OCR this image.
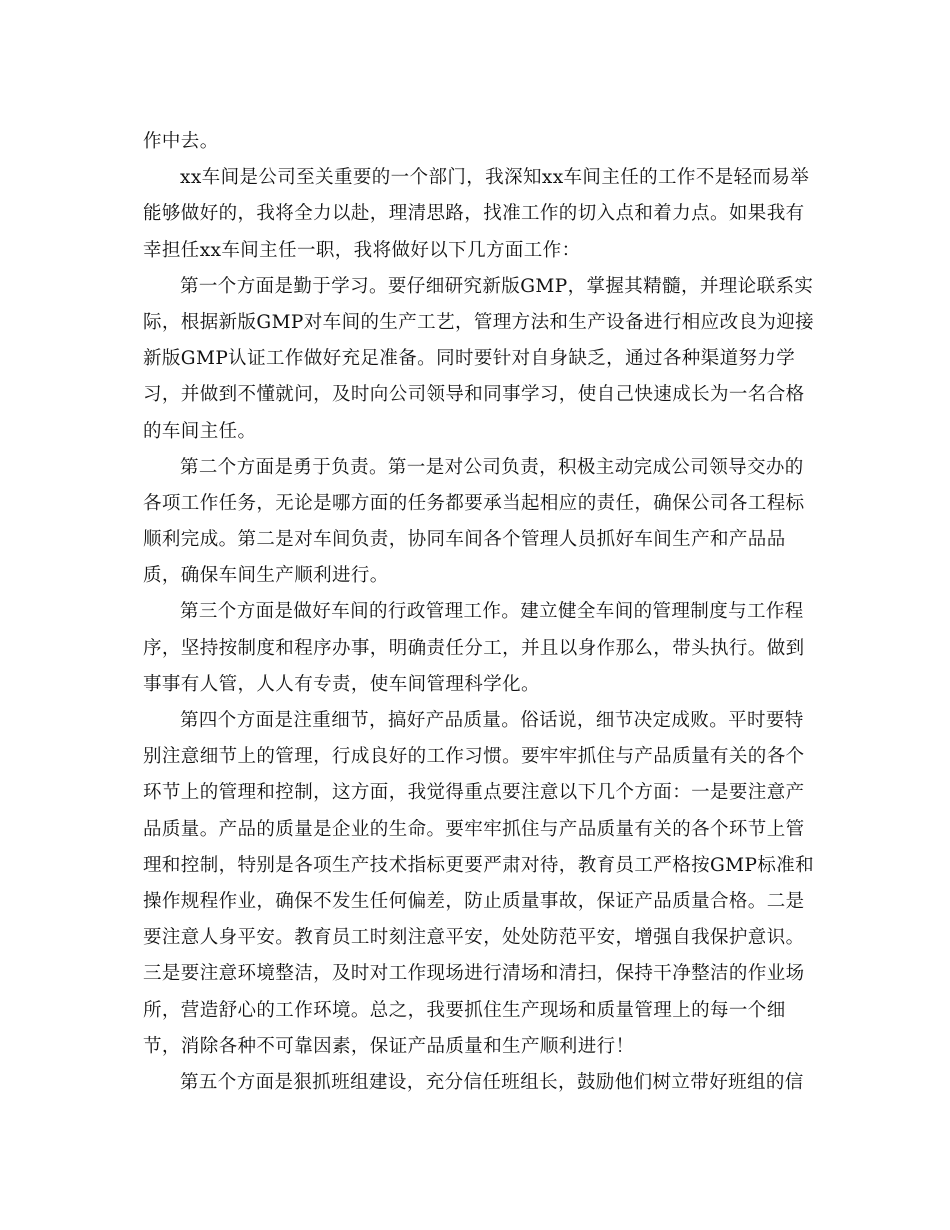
作中去。
xx车间是公司至关重要的一个部门，我深知xx车间主任的工作不是轻而易举
能够做好的，我将全力以赴，理清思路，找准工作的切入点和着力点。如果我有
幸担任xx车间主任一职，我将做好以下几方面工作：
第一个方面是勤于学习。要仔细研究新版GMP，掌握其精髓，并理论联系实
际，根据新版GMP对车间的生产工艺，管理方法和生产设备进行相应改良为迎接
新版GMP认证工作做好充足准备。同时要针对自身缺乏，通过各种渠道努力学
习，并做到不懂就问，及时向公司领导和同事学习，使自己快速成长为一名合格
的车间主任。
第二个方面是勇于负责。第一是对公司负责，积极主动完成公司领导交办的
各项工作任务，无论是哪方面的任务都要承当起相应的责任，确保公司各工程标
顺利完成。第二是对车间负责，协同车间各个管理人员抓好车间生产和产品品
质，确保车间生产顺利进行。
第三个方面是做好车间的行政管理工作。建立健全车间的管理制度与工作程
序，坚持按制度和程序办事，明确责任分工，并且以身作那么，带头执行。做到
事事有人管，人人有专责，使车间管理科学化。
第四个方面是注重细节，搞好产品质量。俗话说，细节决定成败。平时要特
别注意细节上的管理，行成良好的工作习惯。要牢牢抓住与产品质量有关的各个
环节上的管理和控制，这方面，我觉得重点要注意以下几个方面：一是要注意产
品质量。产品的质量是企业的生命。要牢牢抓住与产品质量有关的各个环节上管
理和控制，特别是各项生产技术指标更要严肃对待，教育员工严格按GMP标准和
操作规程作业，确保不发生任何偏差，防止质量事故，保证产品质量合格。二是
要注意人身平安。教育员工时刻注意平安，处处防范平安，增强自我保护意识。
三是要注意环境整洁，及时对工作现场进行清场和清扫，保持干净整洁的作业场
所，营造舒心的工作环境。总之，我要抓住生产现场和质量管理上的每一个细
节，消除各种不可靠因素，保证产品质量和生产顺利进行！
第五个方面是狠抓班组建设，充分信任班组长，鼓励他们树立带好班组的信
